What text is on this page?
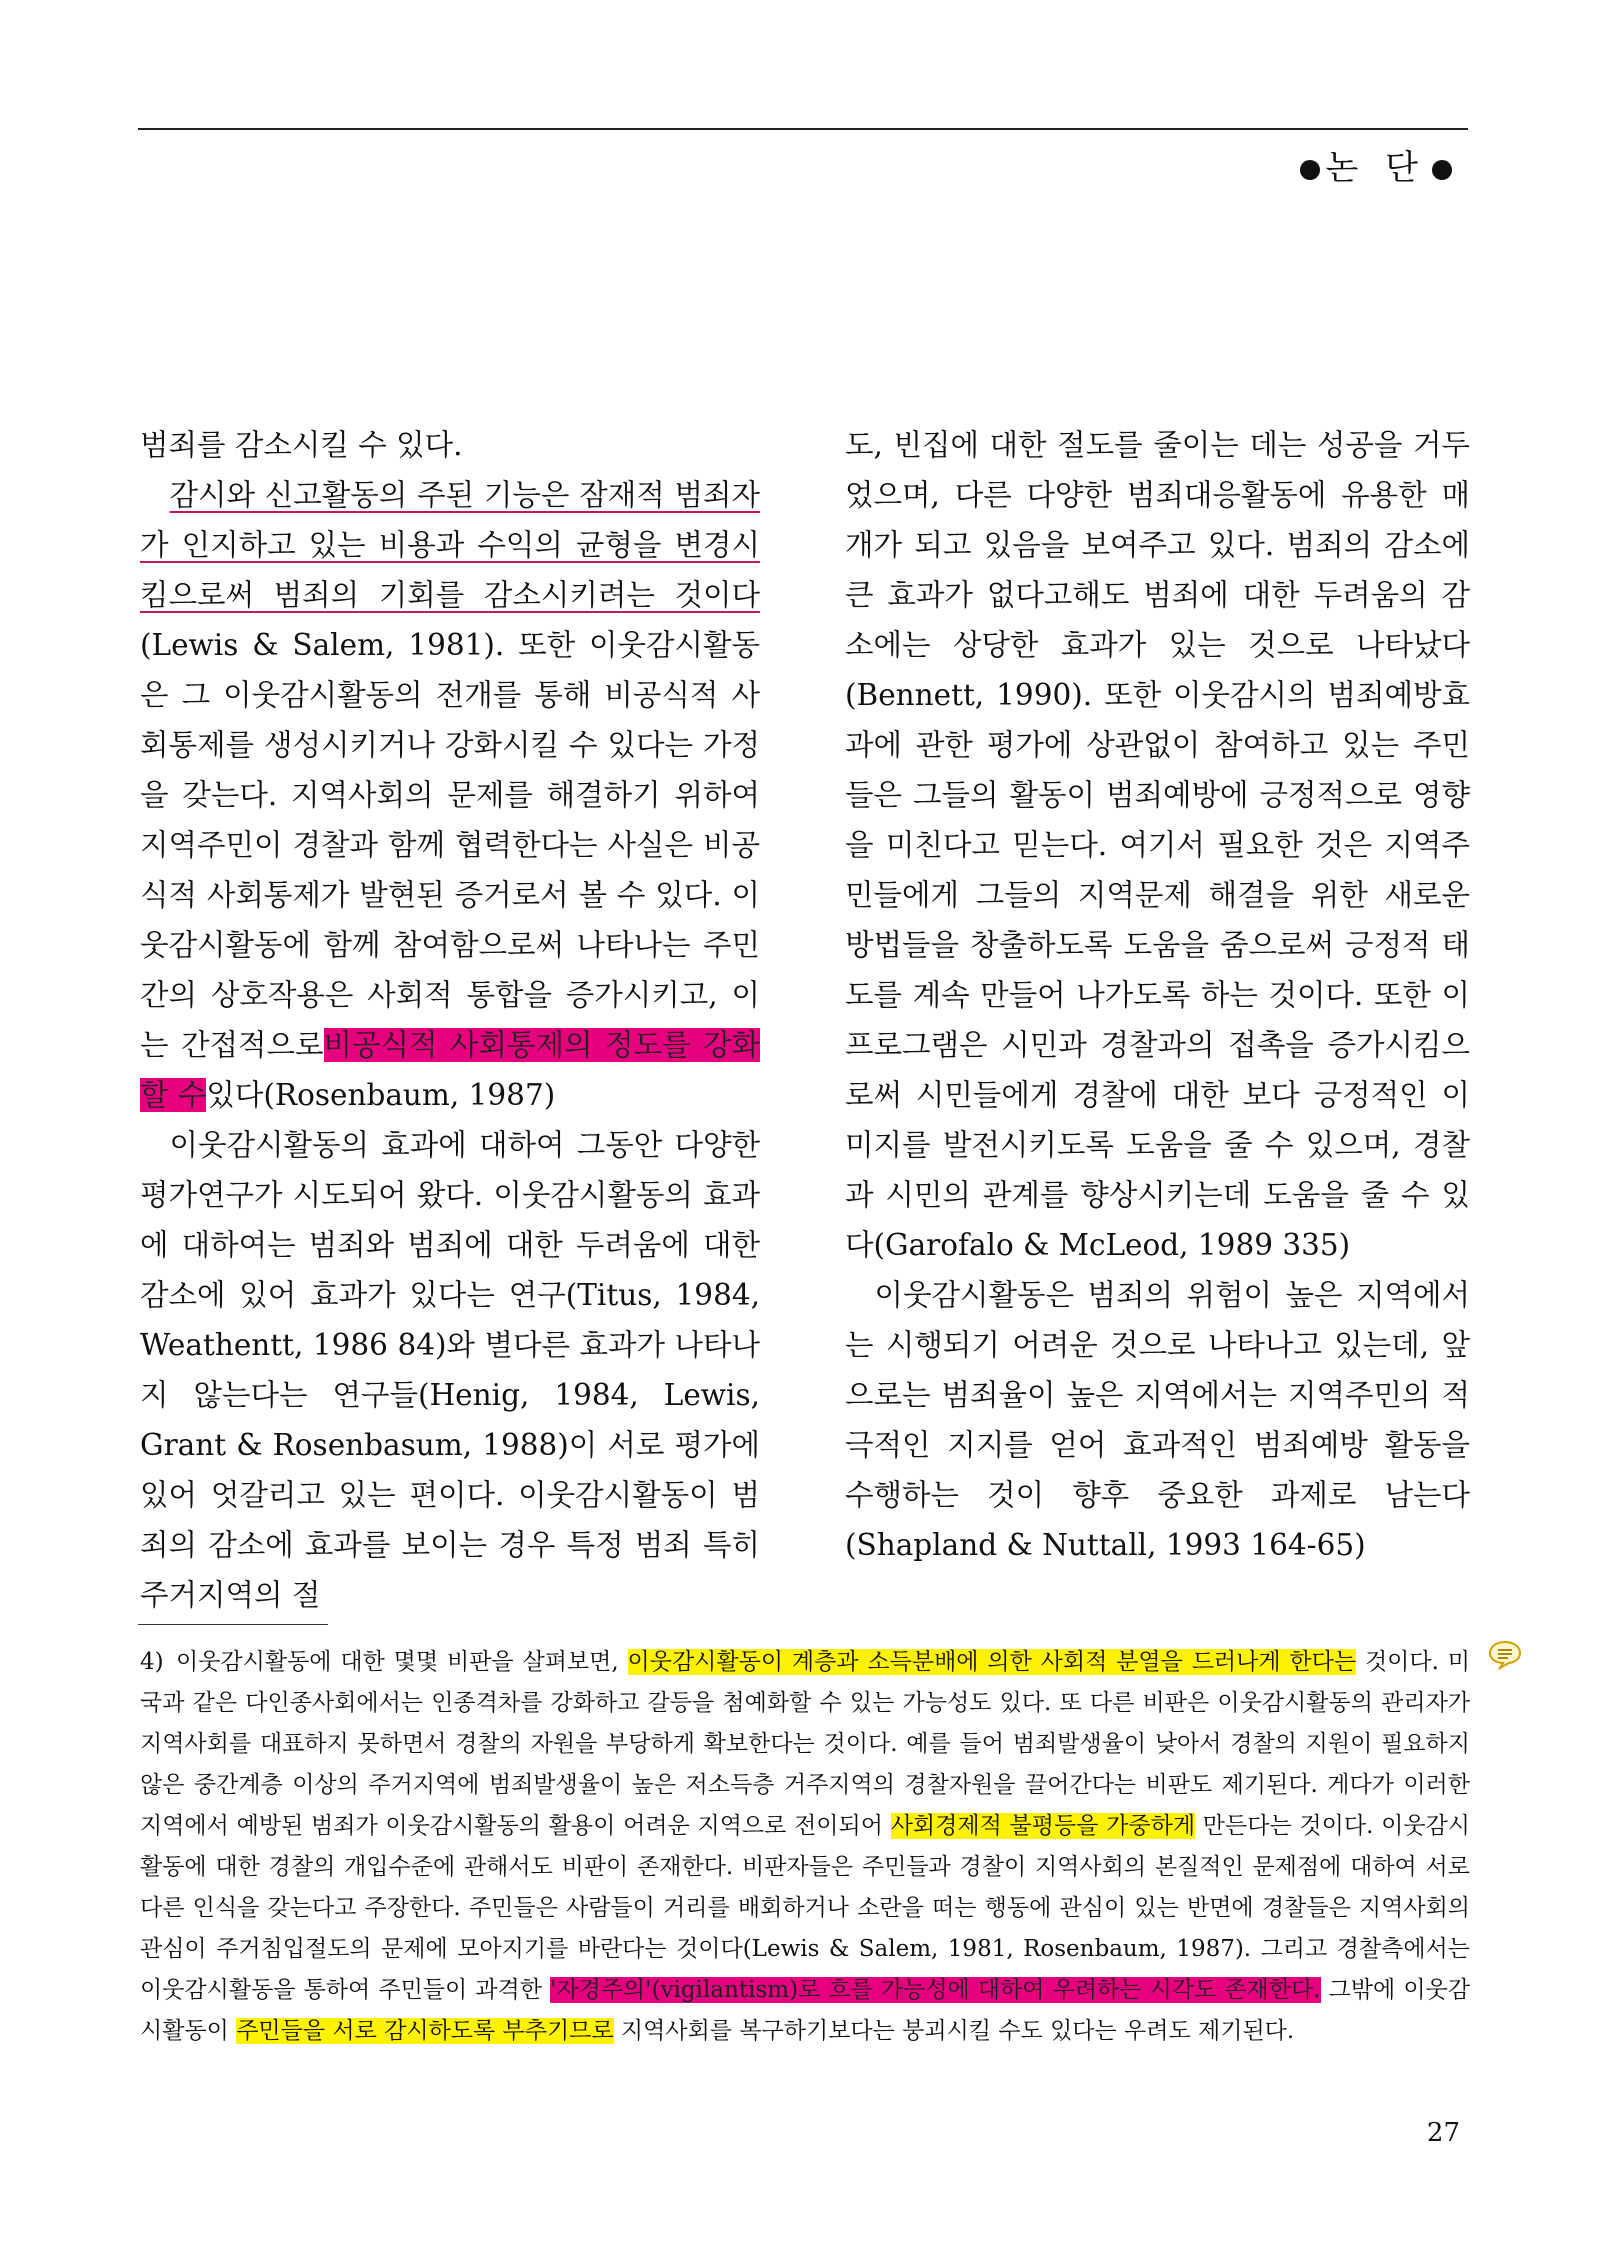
논 단

범죄를 감소시킬 수 있다.

감시와 신고활동의 주된 기능은 잠재적 범죄자가 인지하고 있는 비용과 수익의 균형을 변경시킴으로써 범죄의 기회를 감소시키려는 것이다(Lewis & Salem, 1981). 또한 이웃감시활동은 그 이웃감시활동의 전개를 통해 비공식적 사회통제를 생성시키거나 강화시킬 수 있다는 가정을 갖는다. 지역사회의 문제를 해결하기 위하여 지역주민이 경찰과 함께 협력한다는 사실은 비공식적 사회통제가 발현된 증거로서 볼 수 있다. 이웃감시활동에 함께 참여함으로써 나타나는 주민간의 상호작용은 사회적 통합을 증가시키고, 이는 간접적으로비공식적 사회통제의 정도를 강화할 수있다(Rosenbaum, 1987)

이웃감시활동의 효과에 대하여 그동안 다양한 평가연구가 시도되어 왔다. 이웃감시활동의 효과에 대하여는 범죄와 범죄에 대한 두려움에 대한 감소에 있어 효과가 있다는 연구(Titus, 1984, Weathentt, 1986 84)와 별다른 효과가 나타나지 않는다는 연구들(Henig, 1984, Lewis, Grant & Rosenbasum, 1988)이 서로 평가에 있어 엇갈리고 있는 편이다. 이웃감시활동이 범죄의 감소에 효과를 보이는 경우 특정 범죄 특히 주거지역의 절

도, 빈집에 대한 절도를 줄이는 데는 성공을 거두었으며, 다른 다양한 범죄대응활동에 유용한 매개가 되고 있음을 보여주고 있다. 범죄의 감소에 큰 효과가 없다고해도 범죄에 대한 두려움의 감소에는 상당한 효과가 있는 것으로 나타났다(Bennett, 1990). 또한 이웃감시의 범죄예방효과에 관한 평가에 상관없이 참여하고 있는 주민들은 그들의 활동이 범죄예방에 긍정적으로 영향을 미친다고 믿는다. 여기서 필요한 것은 지역주민들에게 그들의 지역문제 해결을 위한 새로운 방법들을 창출하도록 도움을 줌으로써 긍정적 태도를 계속 만들어 나가도록 하는 것이다. 또한 이 프로그램은 시민과 경찰과의 접촉을 증가시킴으로써 시민들에게 경찰에 대한 보다 긍정적인 이미지를 발전시키도록 도움을 줄 수 있으며, 경찰과 시민의 관계를 향상시키는데 도움을 줄 수 있다(Garofalo & McLeod, 1989 335)

이웃감시활동은 범죄의 위험이 높은 지역에서는 시행되기 어려운 것으로 나타나고 있는데, 앞으로는 범죄율이 높은 지역에서는 지역주민의 적극적인 지지를 얻어 효과적인 범죄예방 활동을 수행하는 것이 향후 중요한 과제로 남는다(Shapland & Nuttall, 1993 164-65)

4) 이웃감시활동에 대한 몇몇 비판을 살펴보면, 이웃감시활동이 계층과 소득분배에 의한 사회적 분열을 드러나게 한다는 것이다. 미국과 같은 다인종사회에서는 인종격차를 강화하고 갈등을 첨예화할 수 있는 가능성도 있다. 또 다른 비판은 이웃감시활동의 관리자가 지역사회를 대표하지 못하면서 경찰의 자원을 부당하게 확보한다는 것이다. 예를 들어 범죄발생율이 낮아서 경찰의 지원이 필요하지 않은 중간계층 이상의 주거지역에 범죄발생율이 높은 저소득층 거주지역의 경찰자원을 끌어간다는 비판도 제기된다. 게다가 이러한 지역에서 예방된 범죄가 이웃감시활동의 활용이 어려운 지역으로 전이되어 사회경제적 불평등을 가중하게 만든다는 것이다. 이웃감시활동에 대한 경찰의 개입수준에 관해서도 비판이 존재한다. 비판자들은 주민들과 경찰이 지역사회의 본질적인 문제점에 대하여 서로 다른 인식을 갖는다고 주장한다. 주민들은 사람들이 거리를 배회하거나 소란을 떠는 행동에 관심이 있는 반면에 경찰들은 지역사회의 관심이 주거침입절도의 문제에 모아지기를 바란다는 것이다(Lewis & Salem, 1981, Rosenbaum, 1987). 그리고 경찰측에서는 이웃감시활동을 통하여 주민들이 과격한 '자경주의'(vigilantism)로 흐를 가능성에 대하여 우려하는 시각도 존재한다. 그밖에 이웃감시활동이 주민들을 서로 감시하도록 부추기므로 지역사회를 복구하기보다는 붕괴시킬 수도 있다는 우려도 제기된다.
27
